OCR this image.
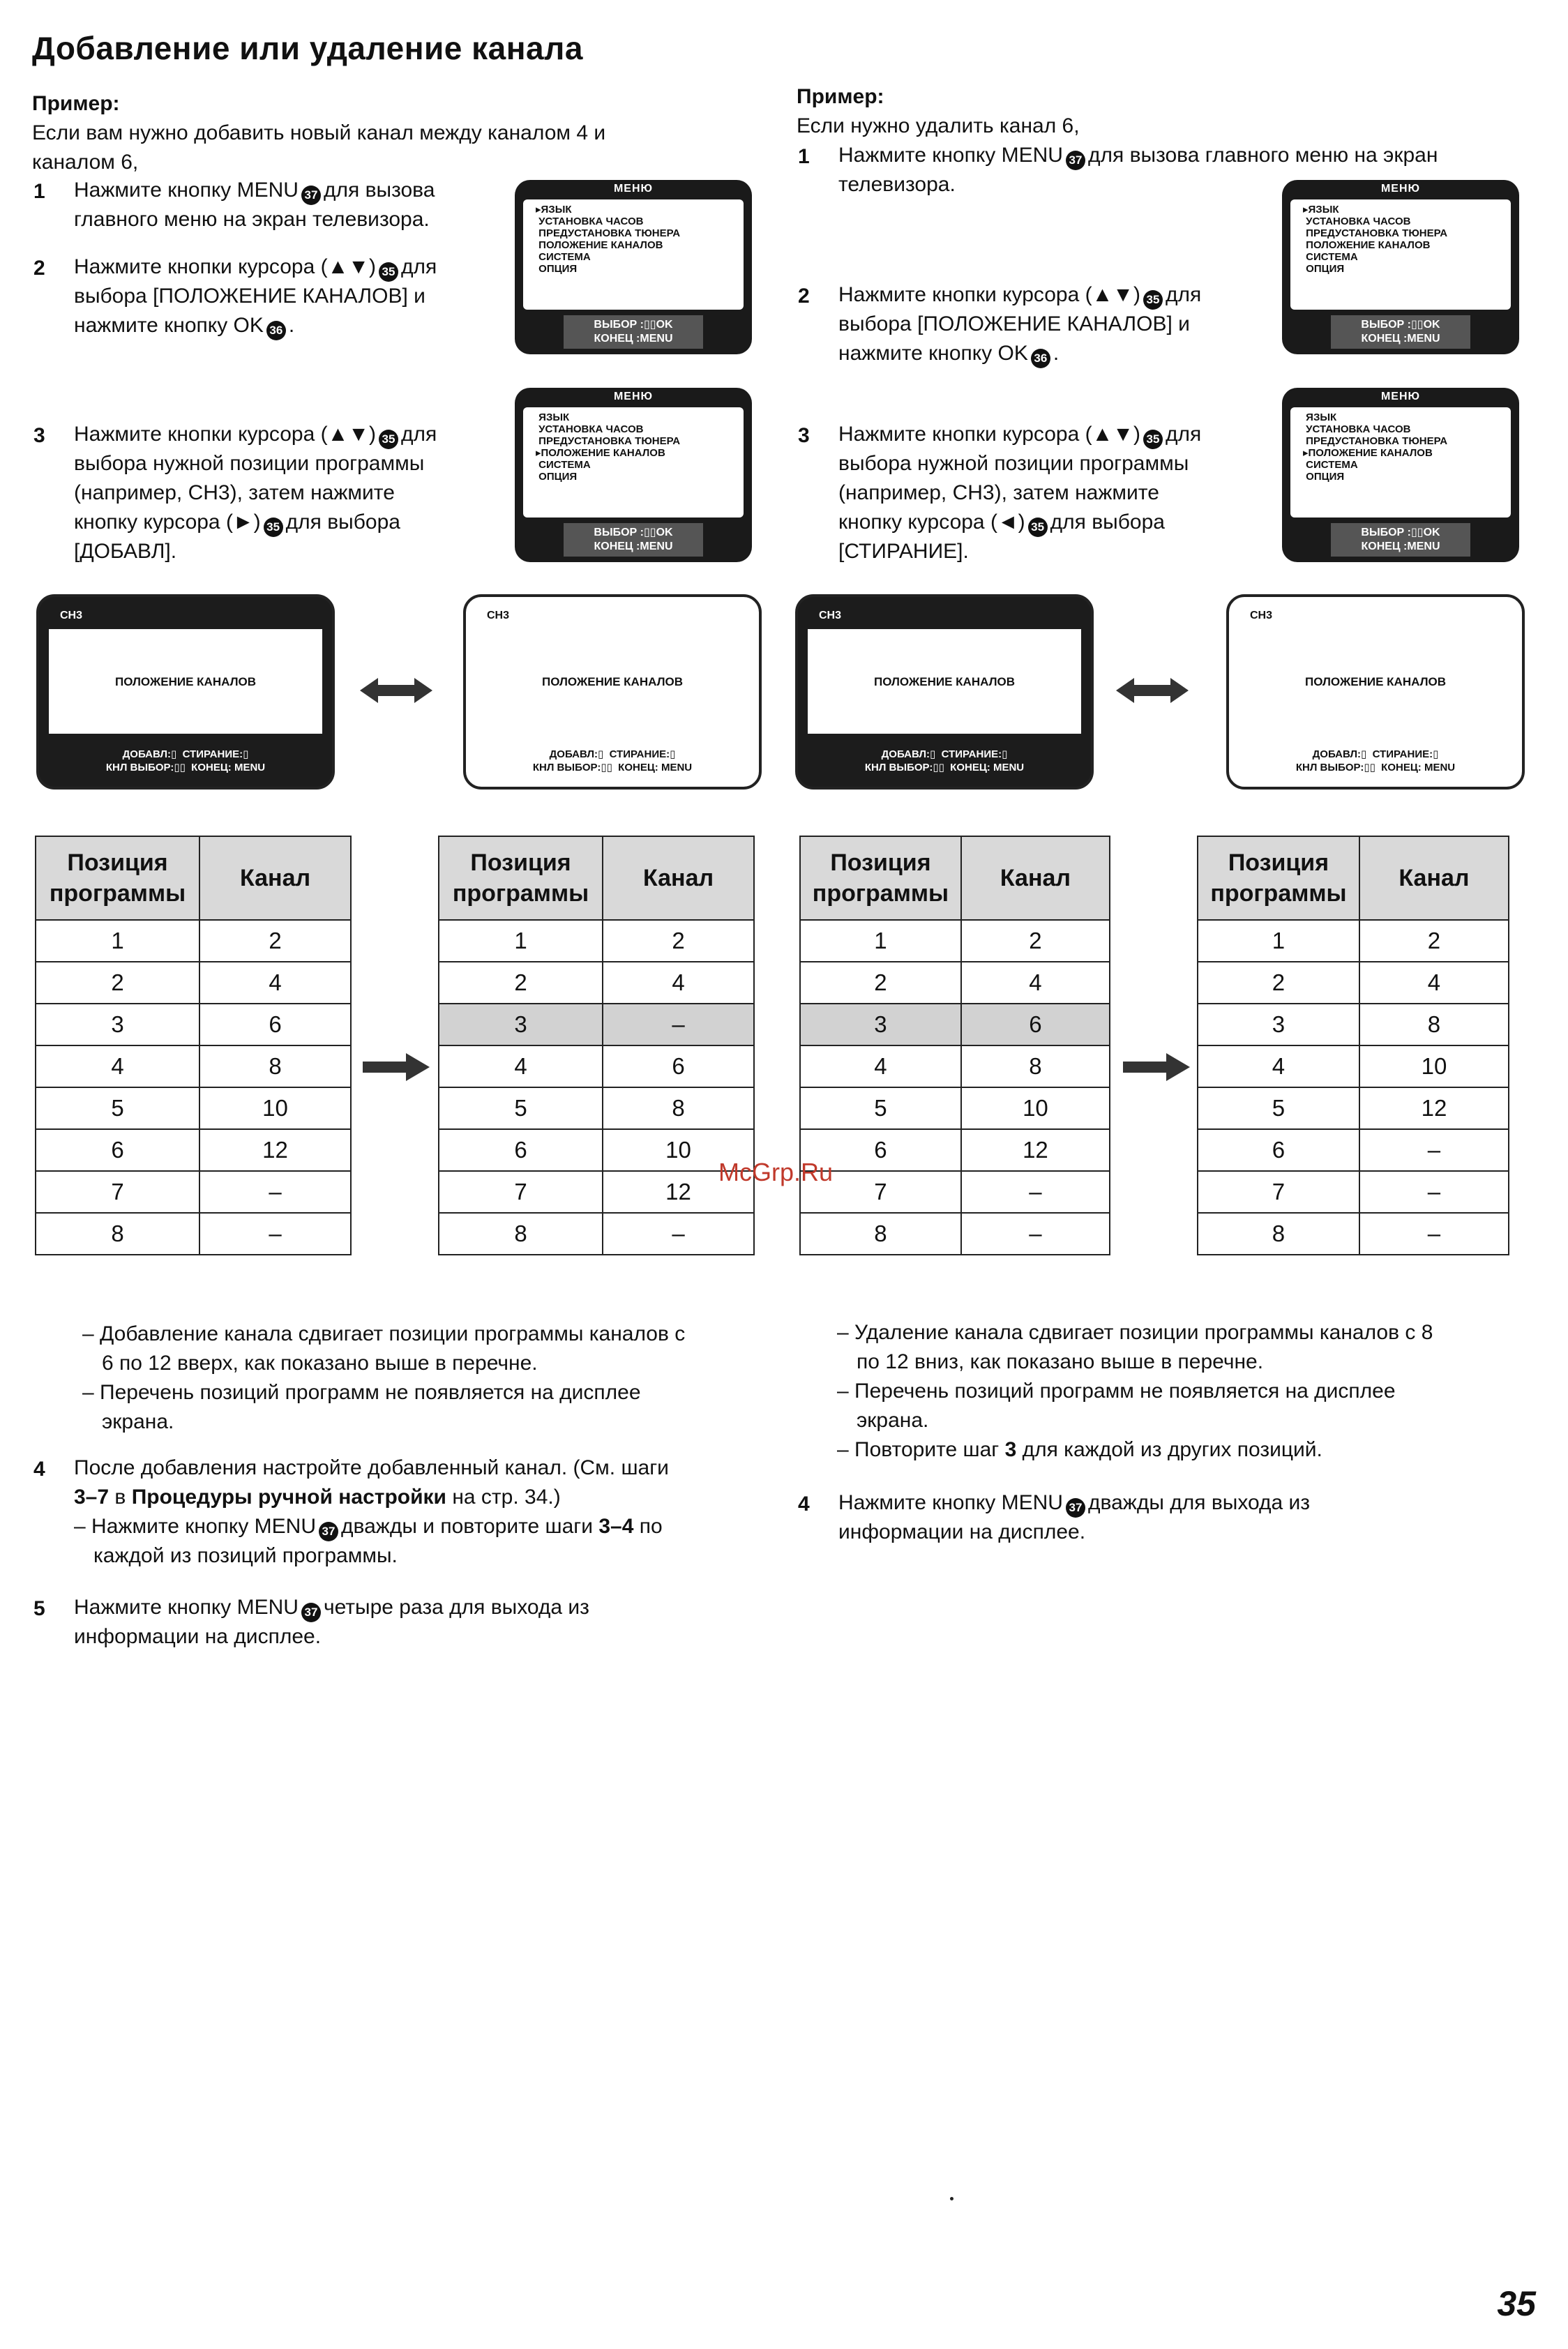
Добавление или удаление канала
Пример:
Если вам нужно добавить новый канал между каналом 4 и
каналом 6,
1 Нажмите кнопку MENU 37 для вызова
главного меню на экран телевизора.
2 Нажмите кнопки курсора (▲▼) 35 для
выбора [ПОЛОЖЕНИЕ КАНАЛОВ] и
нажмите кнопку OK 36 .
3 Нажмите кнопки курсора (▲▼) 35 для
выбора нужной позиции программы
(например, CH3), затем нажмите
кнопку курсора (►) 35 для выбора
[ДОБАВЛ].
МЕНЮ
▸ЯЗЫК
УСТАНОВКА ЧАСОВ
ПРЕДУСТАНОВКА ТЮНЕРА
ПОЛОЖЕНИЕ КАНАЛОВ
СИСТЕМА
ОПЦИЯ
ВЫБОР :▯▯OK
КОНЕЦ :MENU
МЕНЮ
ЯЗЫК
УСТАНОВКА ЧАСОВ
ПРЕДУСТАНОВКА ТЮНЕРА
▸ПОЛОЖЕНИЕ КАНАЛОВ
СИСТЕМА
ОПЦИЯ
ВЫБОР :▯▯OK
КОНЕЦ :MENU
Пример:
Если нужно удалить канал 6,
1 Нажмите кнопку MENU 37 для вызова главного меню на экран
телевизора.
2 Нажмите кнопки курсора (▲▼) 35 для
выбора [ПОЛОЖЕНИЕ КАНАЛОВ] и
нажмите кнопку OK 36 .
3 Нажмите кнопки курсора (▲▼) 35 для
выбора нужной позиции программы
(например, CH3), затем нажмите
кнопку курсора (◄) 35 для выбора
[СТИРАНИЕ].
МЕНЮ
▸ЯЗЫК
УСТАНОВКА ЧАСОВ
ПРЕДУСТАНОВКА ТЮНЕРА
ПОЛОЖЕНИЕ КАНАЛОВ
СИСТЕМА
ОПЦИЯ
ВЫБОР :▯▯OK
КОНЕЦ :MENU
МЕНЮ
ЯЗЫК
УСТАНОВКА ЧАСОВ
ПРЕДУСТАНОВКА ТЮНЕРА
▸ПОЛОЖЕНИЕ КАНАЛОВ
СИСТЕМА
ОПЦИЯ
ВЫБОР :▯▯OK
КОНЕЦ :MENU
CH3
ПОЛОЖЕНИЕ КАНАЛОВ
ДОБАВЛ:▯  СТИРАНИЕ:▯
КНЛ ВЫБОР:▯▯  КОНЕЦ: MENU
CH3
ПОЛОЖЕНИЕ КАНАЛОВ
ДОБАВЛ:▯  СТИРАНИЕ:▯
КНЛ ВЫБОР:▯▯  КОНЕЦ: MENU
CH3
ПОЛОЖЕНИЕ КАНАЛОВ
ДОБАВЛ:▯  СТИРАНИЕ:▯
КНЛ ВЫБОР:▯▯  КОНЕЦ: MENU
CH3
ПОЛОЖЕНИЕ КАНАЛОВ
ДОБАВЛ:▯  СТИРАНИЕ:▯
КНЛ ВЫБОР:▯▯  КОНЕЦ: MENU
Позиция программы	Канал
1	2
2	4
3	6
4	8
5	10
6	12
7	–
8	–
Позиция программы	Канал
1	2
2	4
3	–
4	6
5	8
6	10
7	12
8	–
Позиция программы	Канал
1	2
2	4
3	6
4	8
5	10
6	12
7	–
8	–
Позиция программы	Канал
1	2
2	4
3	8
4	10
5	12
6	–
7	–
8	–
McGrp.Ru
– Добавление канала сдвигает позиции программы каналов с
6 по 12 вверх, как показано выше в перечне.
– Перечень позиций программ не появляется на дисплее
экрана.
4 После добавления настройте добавленный канал. (См. шаги
3–7 в Процедуры ручной настройки на стр. 34.)
– Нажмите кнопку MENU 37 дважды и повторите шаги 3–4 по
каждой из позиций программы.
5 Нажмите кнопку MENU 37 четыре раза для выхода из
информации на дисплее.
– Удаление канала сдвигает позиции программы каналов с 8
по 12 вниз, как показано выше в перечне.
– Перечень позиций программ не появляется на дисплее
экрана.
– Повторите шаг 3 для каждой из других позиций.
4 Нажмите кнопку MENU 37 дважды для выхода из
информации на дисплее.
35
